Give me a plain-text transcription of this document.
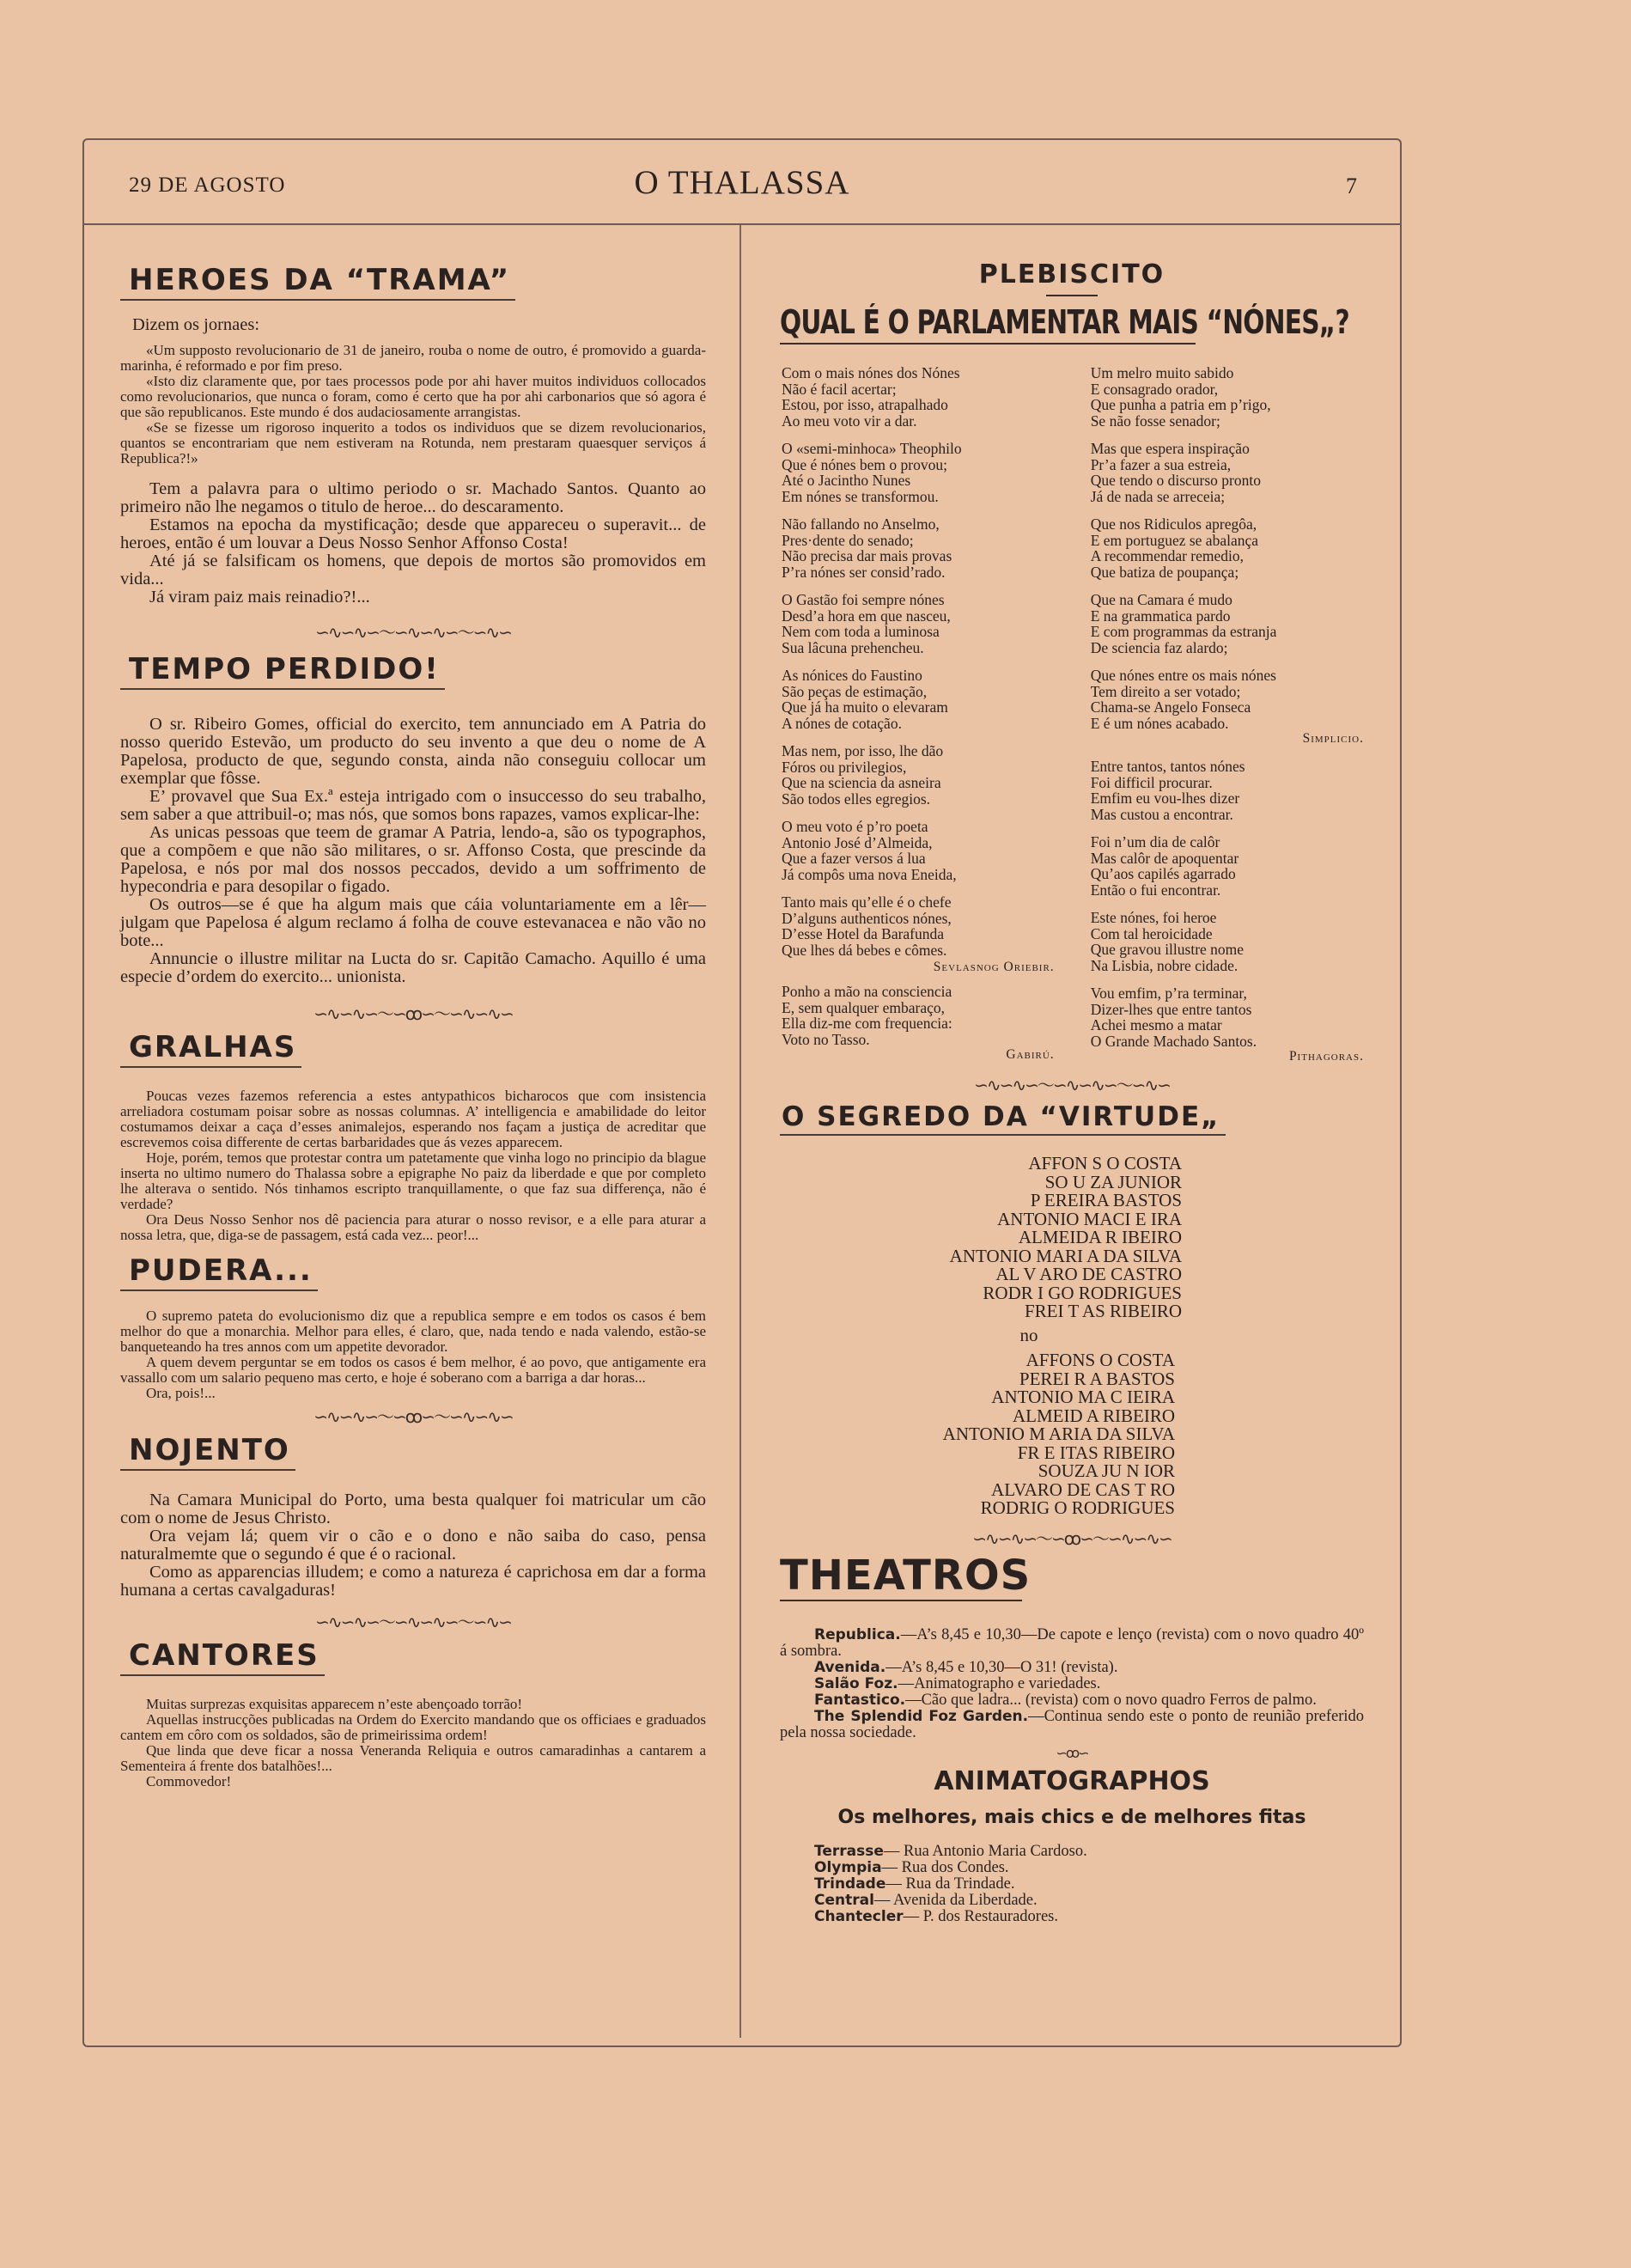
29 DE AGOSTO	O THALASSA	7
HEROES DA “TRAMA”

Dizem os jornaes:

«Um supposto revolucionario de 31 de janeiro, rouba o nome de outro, é promovido a guarda-marinha, é reformado e por fim preso.

«Isto diz claramente que, por taes processos pode por ahi haver muitos individuos collocados como revolucionarios, que nunca o foram, como é certo que ha por ahi carbonarios que só agora é que são republicanos. Este mundo é dos audaciosamente arrangistas.

«Se se fizesse um rigoroso inquerito a todos os individuos que se dizem revolucionarios, quantos se encontrariam que nem estiveram na Rotunda, nem prestaram quaesquer serviços á Republica?!»

Tem a palavra para o ultimo periodo o sr. Machado Santos. Quanto ao primeiro não lhe negamos o titulo de heroe... do descaramento.

Estamos na epocha da mystificação; desde que appareceu o superavit... de heroes, então é um louvar a Deus Nosso Senhor Affonso Costa!

Até já se falsificam os homens, que depois de mortos são promovidos em vida...

Já viram paiz mais reinadio?!...

∽∿∽∿∽〜∽∿∽∿∽〜∽∿∽
TEMPO PERDIDO!

O sr. Ribeiro Gomes, official do exercito, tem annunciado em A Patria do nosso querido Estevão, um producto do seu invento a que deu o nome de A Papelosa, producto de que, segundo consta, ainda não conseguiu collocar um exemplar que fôsse.

E’ provavel que Sua Ex.ª esteja intrigado com o insuccesso do seu trabalho, sem saber a que attribuil-o; mas nós, que somos bons rapazes, vamos explicar-lhe:

As unicas pessoas que teem de gramar A Patria, lendo-a, são os typographos, que a compõem e que não são militares, o sr. Affonso Costa, que prescinde da Papelosa, e nós por mal dos nossos peccados, devido a um soffrimento de hypecondria e para desopilar o figado.

Os outros—se é que ha algum mais que cáia voluntariamente em a lêr—julgam que Papelosa é algum reclamo á folha de couve estevanacea e não vão no bote...

Annuncie o illustre militar na Lucta do sr. Capitão Camacho. Aquillo é uma especie d’ordem do exercito... unionista.

∽∿∽∿∽〜∽ꝏ∽〜∽∿∽∿∽
GRALHAS

Poucas vezes fazemos referencia a estes antypathicos bicharocos que com insistencia arreliadora costumam poisar sobre as nossas columnas. A’ intelligencia e amabilidade do leitor costumamos deixar a caça d’esses animalejos, esperando nos façam a justiça de acreditar que escrevemos coisa differente de certas barbaridades que ás vezes apparecem.

Hoje, porém, temos que protestar contra um patetamente que vinha logo no principio da blague inserta no ultimo numero do Thalassa sobre a epigraphe No paiz da liberdade e que por completo lhe alterava o sentido. Nós tinhamos escripto tranquillamente, o que faz sua differença, não é verdade?

Ora Deus Nosso Senhor nos dê paciencia para aturar o nosso revisor, e a elle para aturar a nossa letra, que, diga-se de passagem, está cada vez... peor!...

PUDERA...

O supremo pateta do evolucionismo diz que a republica sempre e em todos os casos é bem melhor do que a monarchia. Melhor para elles, é claro, que, nada tendo e nada valendo, estão-se banqueteando ha tres annos com um appetite devorador.

A quem devem perguntar se em todos os casos é bem melhor, é ao povo, que antigamente era vassallo com um salario pequeno mas certo, e hoje é soberano com a barriga a dar horas...

Ora, pois!...

∽∿∽∿∽〜∽ꝏ∽〜∽∿∽∿∽
NOJENTO

Na Camara Municipal do Porto, uma besta qualquer foi matricular um cão com o nome de Jesus Christo.

Ora vejam lá; quem vir o cão e o dono e não saiba do caso, pensa naturalmemte que o segundo é que é o racional.

Como as apparencias illudem; e como a natureza é caprichosa em dar a forma humana a certas cavalgaduras!

∽∿∽∿∽〜∽∿∽∿∽〜∽∿∽
CANTORES

Muitas surprezas exquisitas apparecem n’este abençoado torrão!

Aquellas instrucções publicadas na Ordem do Exercito mandando que os officiaes e graduados cantem em côro com os soldados, são de primeirissima ordem!

Que linda que deve ficar a nossa Veneranda Reliquia e outros camaradinhas a cantarem a Sementeira á frente dos batalhões!...

Commovedor!

PLEBISCITO
QUAL É O PARLAMENTAR MAIS “NÓNES„?

Com o mais nónes dos Nónes
Não é facil acertar;
Estou, por isso, atrapalhado
Ao meu voto vir a dar.

O «semi-minhoca» Theophilo
Que é nónes bem o provou;
Até o Jacintho Nunes
Em nónes se transformou.

Não fallando no Anselmo,
Pres·dente do senado;
Não precisa dar mais provas
P’ra nónes ser consid’rado.

O Gastão foi sempre nónes
Desd’a hora em que nasceu,
Nem com toda a luminosa
Sua lâcuna prehencheu.

As nónices do Faustino
São peças de estimação,
Que já ha muito o elevaram
A nónes de cotação.

Mas nem, por isso, lhe dão
Fóros ou privilegios,
Que na sciencia da asneira
São todos elles egregios.

O meu voto é p’ro poeta
Antonio José d’Almeida,
Que a fazer versos á lua
Já compôs uma nova Eneida,

Tanto mais qu’elle é o chefe
D’alguns authenticos nónes,
D’esse Hotel da Barafunda
Que lhes dá bebes e cômes.

Sevlasnog Oriebir.

Ponho a mão na consciencia
E, sem qualquer embaraço,
Ella diz-me com frequencia:
Voto no Tasso.

Gabirú.

Um melro muito sabido
E consagrado orador,
Que punha a patria em p’rigo,
Se não fosse senador;

Mas que espera inspiração
Pr’a fazer a sua estreia,
Que tendo o discurso pronto
Já de nada se arreceia;

Que nos Ridiculos apregôa,
E em portuguez se abalança
A recommendar remedio,
Que batiza de poupança;

Que na Camara é mudo
E na grammatica pardo
E com programmas da estranja
De sciencia faz alardo;

Que nónes entre os mais nónes
Tem direito a ser votado;
Chama-se Angelo Fonseca
E é um nónes acabado.

Simplicio.

Entre tantos, tantos nónes
Foi difficil procurar.
Emfim eu vou-lhes dizer
Mas custou a encontrar.

Foi n’um dia de calôr
Mas calôr de apoquentar
Qu’aos capilés agarrado
Então o fui encontrar.

Este nónes, foi heroe
Com tal heroicidade
Que gravou illustre nome
Na Lisbia, nobre cidade.

Vou emfim, p’ra terminar,
Dizer-lhes que entre tantos
Achei mesmo a matar
O Grande Machado Santos.

Pithagoras.
∽∿∽∿∽〜∽∿∽∿∽〜∽∿∽
O SEGREDO DA “VIRTUDE„
AFFON S O COSTA
SO U ZA JUNIOR
P EREIRA BASTOS
ANTONIO MACI E IRA
ALMEIDA R IBEIRO
ANTONIO MARI A DA SILVA
AL V ARO DE CASTRO
RODR I GO RODRIGUES
FREI T AS RIBEIRO
no
AFFONS O COSTA
PEREI R A BASTOS
ANTONIO MA C IEIRA
ALMEID A RIBEIRO
ANTONIO M ARIA DA SILVA
FR E ITAS RIBEIRO
SOUZA JU N IOR
ALVARO DE CAS T RO
RODRIG O RODRIGUES
∽∿∽∿∽〜∽ꝏ∽〜∽∿∽∿∽
THEATROS

Republica.—A’s 8,45 e 10,30—De capote e lenço (revista) com o novo quadro 40º á sombra.

Avenida.—A’s 8,45 e 10,30—O 31! (revista).

Salão Foz.—Animatographo e variedades.

Fantastico.—Cão que ladra... (revista) com o novo quadro Ferros de palmo.

The Splendid Foz Garden.—Continua sendo este o ponto de reunião preferido pela nossa sociedade.

∽ꝏ∽
ANIMATOGRAPHOS
Os melhores, mais chics e de melhores fitas

Terrasse— Rua Antonio Maria Cardoso.

Olympia— Rua dos Condes.

Trindade— Rua da Trindade.

Central— Avenida da Liberdade.

Chantecler— P. dos Restauradores.
